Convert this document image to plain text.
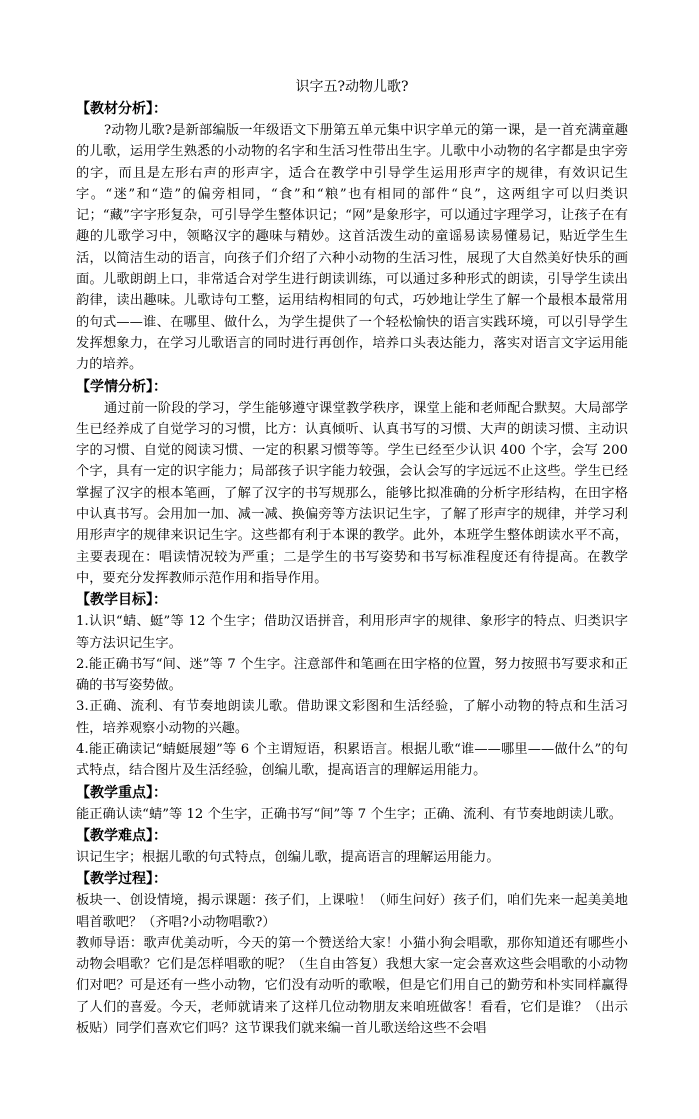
识字五?动物儿歌?
【教材分析】：

?动物儿歌?是新部编版一年级语文下册第五单元集中识字单元的第一课，是一首充满童趣的儿歌，运用学生熟悉的小动物的名字和生活习性带出生字。儿歌中小动物的名字都是虫字旁的字，而且是左形右声的形声字，适合在教学中引导学生运用形声字的规律，有效识记生字。“迷”和“造”的偏旁相同，“食”和“粮”也有相同的部件“良”，这两组字可以归类识记；“藏”字字形复杂，可引导学生整体识记；“网”是象形字，可以通过字理学习，让孩子在有趣的儿歌学习中，领略汉字的趣味与精妙。这首活泼生动的童谣易读易懂易记，贴近学生生活，以简洁生动的语言，向孩子们介绍了六种小动物的生活习性，展现了大自然美好快乐的画面。儿歌朗朗上口，非常适合对学生进行朗读训练，可以通过多种形式的朗读，引导学生读出韵律，读出趣味。儿歌诗句工整，运用结构相同的句式，巧妙地让学生了解一个最根本最常用的句式——谁、在哪里、做什么，为学生提供了一个轻松愉快的语言实践环境，可以引导学生发挥想象力，在学习儿歌语言的同时进行再创作，培养口头表达能力，落实对语言文字运用能力的培养。

【学情分析】：

通过前一阶段的学习，学生能够遵守课堂教学秩序，课堂上能和老师配合默契。大局部学生已经养成了自觉学习的习惯，比方：认真倾听、认真书写的习惯、大声的朗读习惯、主动识字的习惯、自觉的阅读习惯、一定的积累习惯等等。学生已经至少认识 400 个字，会写 200 个字，具有一定的识字能力；局部孩子识字能力较强，会认会写的字远远不止这些。学生已经掌握了汉字的根本笔画，了解了汉字的书写规那么，能够比拟准确的分析字形结构，在田字格中认真书写。会用加一加、减一减、换偏旁等方法识记生字，了解了形声字的规律，并学习利用形声字的规律来识记生字。这些都有利于本课的教学。此外，本班学生整体朗读水平不高，主要表现在：唱读情况较为严重；二是学生的书写姿势和书写标准程度还有待提高。在教学中，要充分发挥教师示范作用和指导作用。

【教学目标】：

1.认识“蜻、蜓”等 12 个生字；借助汉语拼音，利用形声字的规律、象形字的特点、归类识字等方法识记生字。

2.能正确书写“间、迷”等 7 个生字。注意部件和笔画在田字格的位置，努力按照书写要求和正确的书写姿势做。

3.正确、流利、有节奏地朗读儿歌。借助课文彩图和生活经验，了解小动物的特点和生活习性，培养观察小动物的兴趣。

4.能正确读记“蜻蜓展翅”等 6 个主谓短语，积累语言。根据儿歌“谁——哪里——做什么”的句式特点，结合图片及生活经验，创编儿歌，提高语言的理解运用能力。

【教学重点】：

能正确认读“蜻”等 12 个生字，正确书写“间”等 7 个生字；正确、流利、有节奏地朗读儿歌。

【教学难点】：

识记生字；根据儿歌的句式特点，创编儿歌，提高语言的理解运用能力。

【教学过程】：

板块一、创设情境，揭示课题：孩子们，上课啦！（师生问好）孩子们，咱们先来一起美美地唱首歌吧？（齐唱?小动物唱歌?）

教师导语：歌声优美动听，今天的第一个赞送给大家！小猫小狗会唱歌，那你知道还有哪些小动物会唱歌？它们是怎样唱歌的呢？（生自由答复）我想大家一定会喜欢这些会唱歌的小动物们对吧？可是还有一些小动物，它们没有动听的歌喉，但是它们用自己的勤劳和朴实同样赢得了人们的喜爱。今天，老师就请来了这样几位动物朋友来咱班做客！看看，它们是谁？（出示板贴）同学们喜欢它们吗？这节课我们就来编一首儿歌送给这些不会唱
